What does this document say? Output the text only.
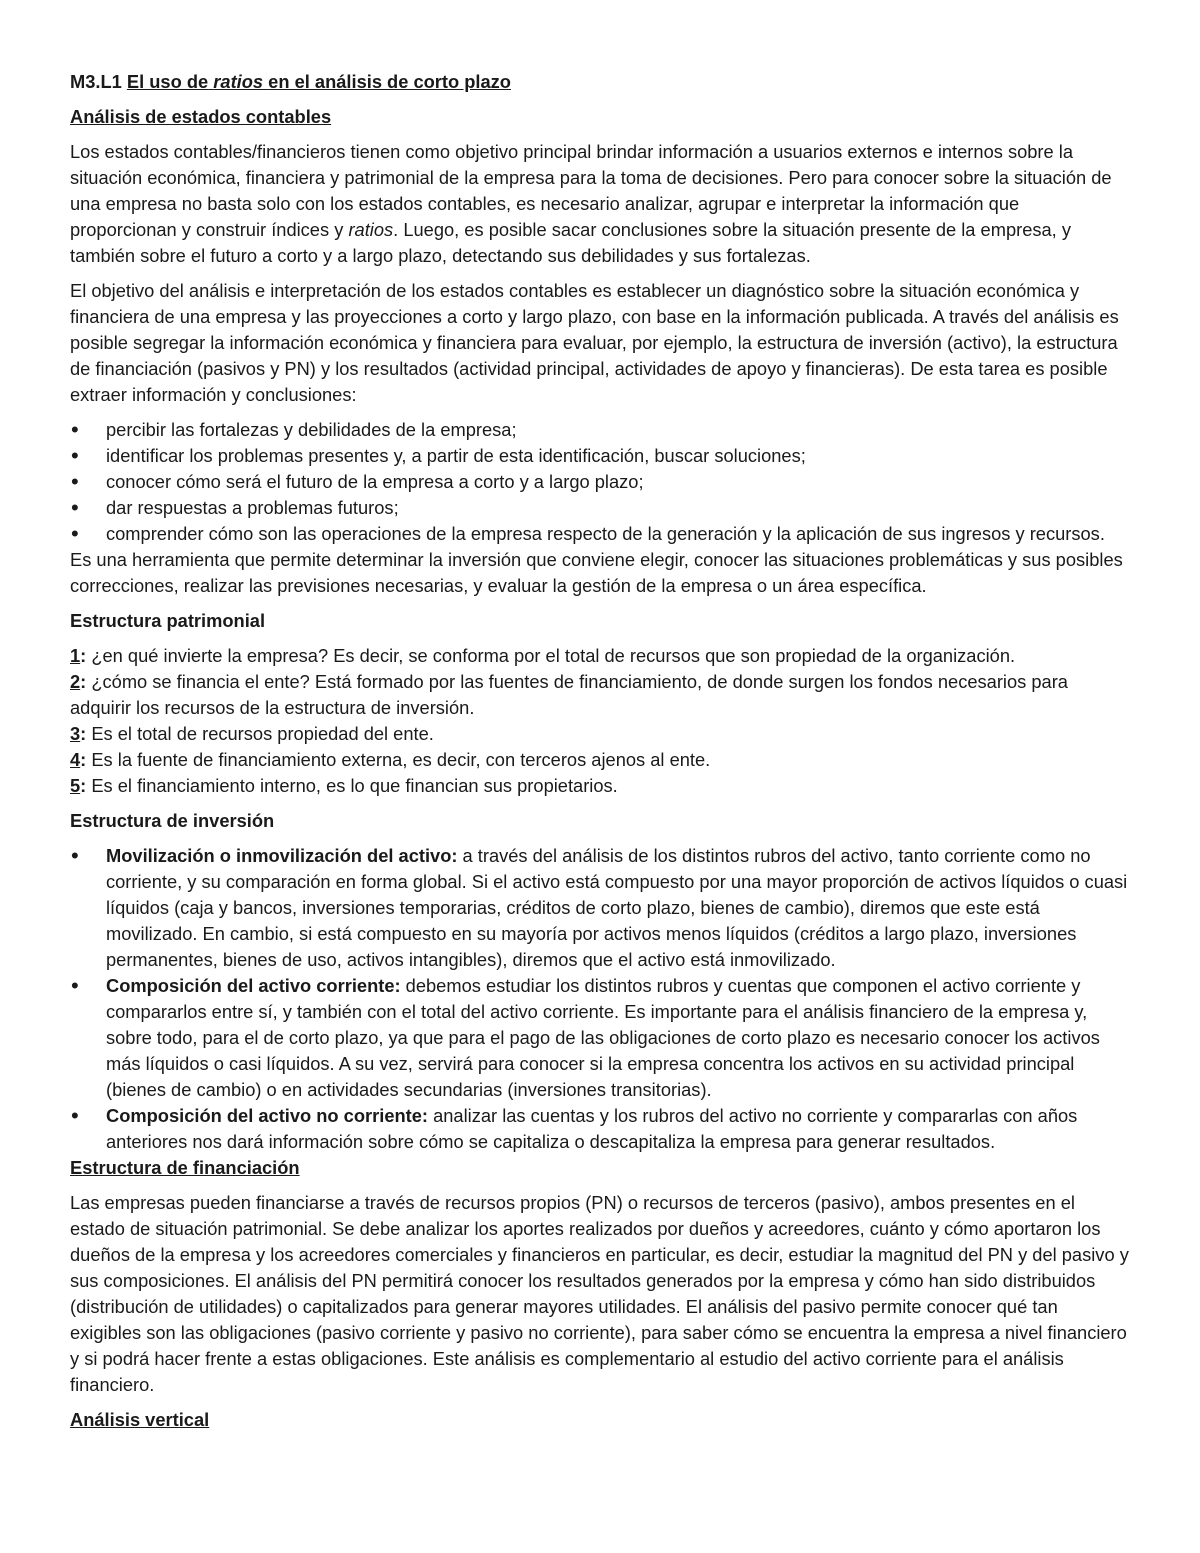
M3.L1 El uso de ratios en el análisis de corto plazo

Análisis de estados contables

Los estados contables/financieros tienen como objetivo principal brindar información a usuarios externos e internos sobre la situación económica, financiera y patrimonial de la empresa para la toma de decisiones. Pero para conocer sobre la situación de una empresa no basta solo con los estados contables, es necesario analizar, agrupar e interpretar la información que proporcionan y construir índices y ratios. Luego, es posible sacar conclusiones sobre la situación presente de la empresa, y también sobre el futuro a corto y a largo plazo, detectando sus debilidades y sus fortalezas.

El objetivo del análisis e interpretación de los estados contables es establecer un diagnóstico sobre la situación económica y financiera de una empresa y las proyecciones a corto y largo plazo, con base en la información publicada. A través del análisis es posible segregar la información económica y financiera para evaluar, por ejemplo, la estructura de inversión (activo), la estructura de financiación (pasivos y PN) y los resultados (actividad principal, actividades de apoyo y financieras). De esta tarea es posible extraer información y conclusiones:

• percibir las fortalezas y debilidades de la empresa;
• identificar los problemas presentes y, a partir de esta identificación, buscar soluciones;
• conocer cómo será el futuro de la empresa a corto y a largo plazo;
• dar respuestas a problemas futuros;
• comprender cómo son las operaciones de la empresa respecto de la generación y la aplicación de sus ingresos y recursos.

Es una herramienta que permite determinar la inversión que conviene elegir, conocer las situaciones problemáticas y sus posibles correcciones, realizar las previsiones necesarias, y evaluar la gestión de la empresa o un área específica.

Estructura patrimonial

1: ¿en qué invierte la empresa? Es decir, se conforma por el total de recursos que son propiedad de la organización.

2: ¿cómo se financia el ente? Está formado por las fuentes de financiamiento, de donde surgen los fondos necesarios para adquirir los recursos de la estructura de inversión.

3: Es el total de recursos propiedad del ente.

4: Es la fuente de financiamiento externa, es decir, con terceros ajenos al ente.

5: Es el financiamiento interno, es lo que financian sus propietarios.

Estructura de inversión
• Movilización o inmovilización del activo: a través del análisis de los distintos rubros del activo, tanto corriente como no corriente, y su comparación en forma global. Si el activo está compuesto por una mayor proporción de activos líquidos o cuasi líquidos (caja y bancos, inversiones temporarias, créditos de corto plazo, bienes de cambio), diremos que este está movilizado. En cambio, si está compuesto en su mayoría por activos menos líquidos (créditos a largo plazo, inversiones permanentes, bienes de uso, activos intangibles), diremos que el activo está inmovilizado.
• Composición del activo corriente: debemos estudiar los distintos rubros y cuentas que componen el activo corriente y compararlos entre sí, y también con el total del activo corriente. Es importante para el análisis financiero de la empresa y, sobre todo, para el de corto plazo, ya que para el pago de las obligaciones de corto plazo es necesario conocer los activos más líquidos o casi líquidos. A su vez, servirá para conocer si la empresa concentra los activos en su actividad principal (bienes de cambio) o en actividades secundarias (inversiones transitorias).
• Composición del activo no corriente: analizar las cuentas y los rubros del activo no corriente y compararlas con años anteriores nos dará información sobre cómo se capitaliza o descapitaliza la empresa para generar resultados.
Estructura de financiación

Las empresas pueden financiarse a través de recursos propios (PN) o recursos de terceros (pasivo), ambos presentes en el estado de situación patrimonial. Se debe analizar los aportes realizados por dueños y acreedores, cuánto y cómo aportaron los dueños de la empresa y los acreedores comerciales y financieros en particular, es decir, estudiar la magnitud del PN y del pasivo y sus composiciones. El análisis del PN permitirá conocer los resultados generados por la empresa y cómo han sido distribuidos (distribución de utilidades) o capitalizados para generar mayores utilidades. El análisis del pasivo permite conocer qué tan exigibles son las obligaciones (pasivo corriente y pasivo no corriente), para saber cómo se encuentra la empresa a nivel financiero y si podrá hacer frente a estas obligaciones. Este análisis es complementario al estudio del activo corriente para el análisis financiero.

Análisis vertical
